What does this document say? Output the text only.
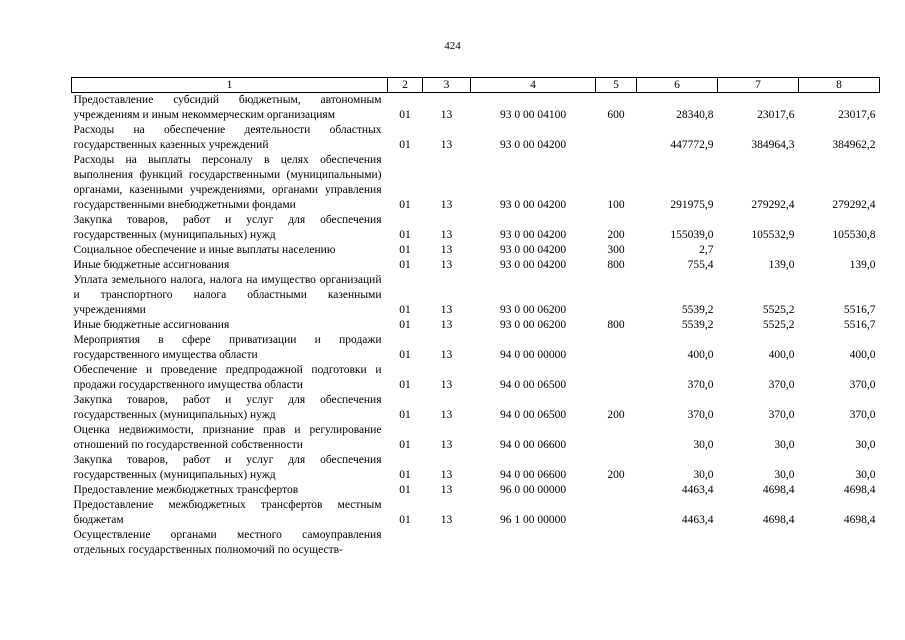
424
1	2	3	4	5	6	7	8
Предоставление субсидий бюджетным, автономным учреждениям и иным некоммерческим организациям	01	13	93 0 00 04100	600	28340,8	23017,6	23017,6
Расходы на обеспечение деятельности областных государственных казенных учреждений	01	13	93 0 00 04200		447772,9	384964,3	384962,2
Расходы на выплаты персоналу в целях обеспечения выполнения функций государственными (муниципальными) органами, казенными учреждениями, органами управления государственными внебюджетными фондами	01	13	93 0 00 04200	100	291975,9	279292,4	279292,4
Закупка товаров, работ и услуг для обеспечения государственных (муниципальных) нужд	01	13	93 0 00 04200	200	155039,0	105532,9	105530,8
Социальное обеспечение и иные выплаты населению	01	13	93 0 00 04200	300	2,7		
Иные бюджетные ассигнования	01	13	93 0 00 04200	800	755,4	139,0	139,0
Уплата земельного налога, налога на имущество организаций и транспортного налога областными казенными учреждениями	01	13	93 0 00 06200		5539,2	5525,2	5516,7
Иные бюджетные ассигнования	01	13	93 0 00 06200	800	5539,2	5525,2	5516,7
Мероприятия в сфере приватизации и продажи государственного имущества области	01	13	94 0 00 00000		400,0	400,0	400,0
Обеспечение и проведение предпродажной подготовки и продажи государственного имущества области	01	13	94 0 00 06500		370,0	370,0	370,0
Закупка товаров, работ и услуг для обеспечения государственных (муниципальных) нужд	01	13	94 0 00 06500	200	370,0	370,0	370,0
Оценка недвижимости, признание прав и регулирование отношений по государственной собственности	01	13	94 0 00 06600		30,0	30,0	30,0
Закупка товаров, работ и услуг для обеспечения государственных (муниципальных) нужд	01	13	94 0 00 06600	200	30,0	30,0	30,0
Предоставление межбюджетных трансфертов	01	13	96 0 00 00000		4463,4	4698,4	4698,4
Предоставление межбюджетных трансфертов местным бюджетам	01	13	96 1 00 00000		4463,4	4698,4	4698,4
Осуществление органами местного самоуправления отдельных государственных полномочий по осуществ-							
